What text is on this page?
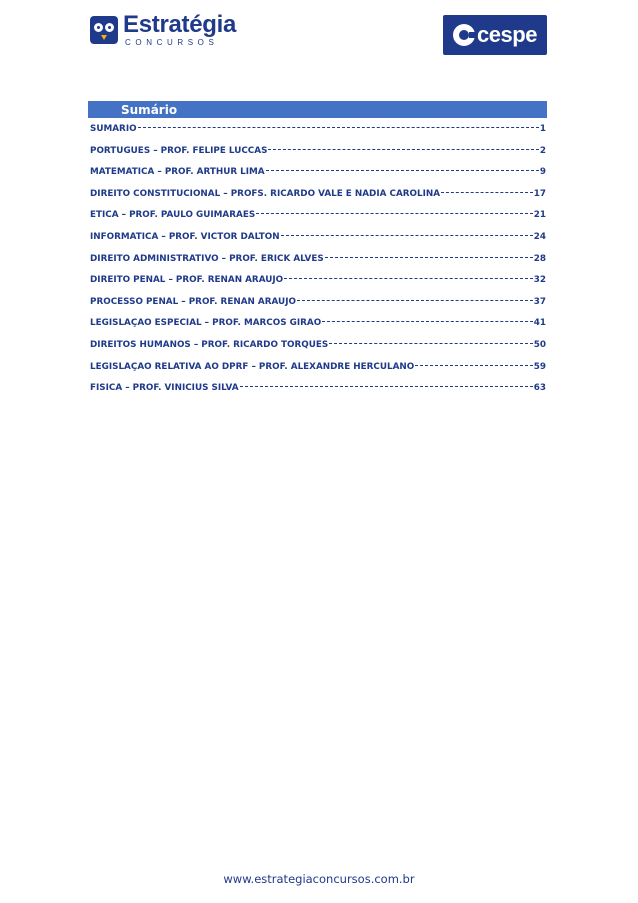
Estratégia
CONCURSOS	cespe
Sumário
SUMÁRIO	1
PORTUGUÊS – PROF. FELIPE LUCCAS	2
MATEMÁTICA – PROF. ARTHUR LIMA	9
DIREITO CONSTITUCIONAL – PROFS. RICARDO VALE E NÁDIA CAROLINA	17
ÉTICA – PROF. PAULO GUIMARÃES	21
INFORMÁTICA – PROF. VICTOR DALTON	24
DIREITO ADMINISTRATIVO – PROF. ERICK ALVES	28
DIREITO PENAL – PROF. RENAN ARAUJO	32
PROCESSO PENAL – PROF. RENAN ARAUJO	37
LEGISLAÇÃO ESPECIAL – PROF. MARCOS GIRÃO	41
DIREITOS HUMANOS – PROF. RICARDO TORQUES	50
LEGISLAÇÃO RELATIVA AO DPRF – PROF. ALEXANDRE HERCULANO	59
FÍSICA – PROF. VINÍCIUS SILVA	63
www.estrategiaconcursos.com.br
